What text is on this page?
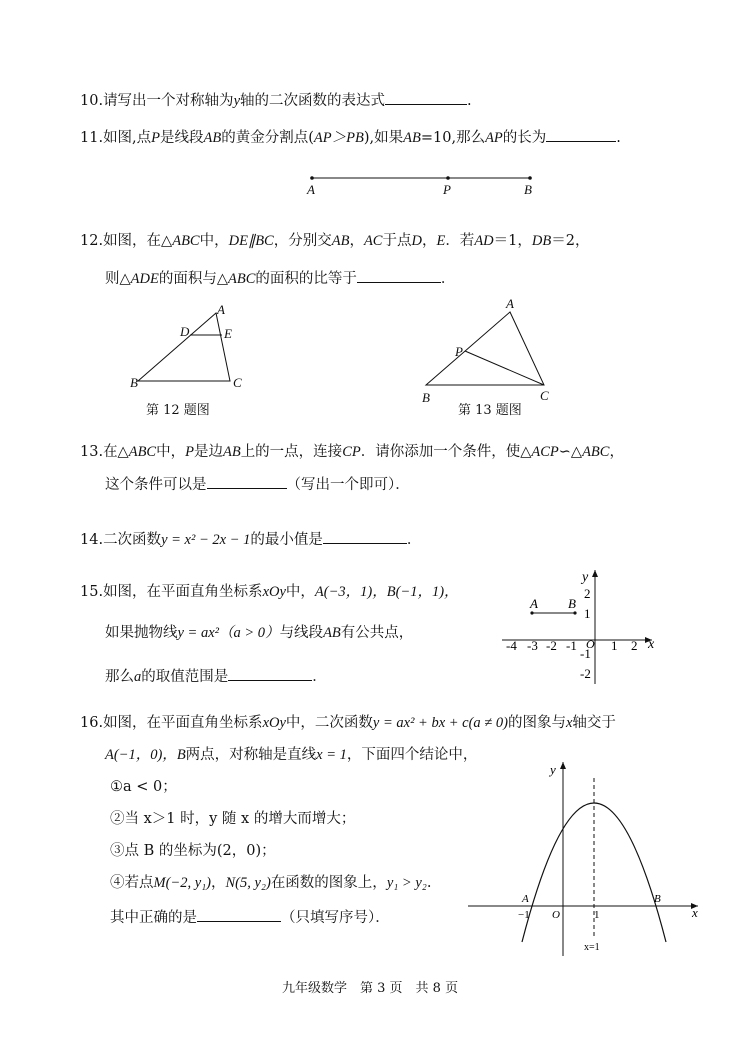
10.请写出一个对称轴为y轴的二次函数的表达式	.
11.如图,点P是线段AB的黄金分割点(AP＞PB),如果AB=10,那么AP的长为	.
A	P	B
12.如图，在△ABC中，DE∥BC，分别交AB，AC于点D，E．若AD＝1，DB＝2，
则△ADE的面积与△ABC的面积的比等于	．
A
D	E
B	C
第 12 题图
A
P
B	C
第 13 题图
13.在△ABC中，P是边AB上的一点，连接CP．请你添加一个条件，使△ACP∽△ABC，
这个条件可以是	（写出一个即可）．
14.二次函数y = x² − 2x − 1的最小值是	．
15.如图，在平面直角坐标系xOy中，A(−3，1)，B(−1，1)，
如果抛物线y = ax²（a > 0）与线段AB有公共点，
那么a的取值范围是	．
A B
x
y
O
-4 -3 -2 -1	1 2
2
1
-1
-2
16.如图，在平面直角坐标系xOy中，二次函数y = ax² + bx + c(a ≠ 0)的图象与x轴交于
A(−1，0)，B两点，对称轴是直线x = 1，下面四个结论中，
①a < 0；
②当 x＞1 时，y 随 x 的增大而增大；
③点 B 的坐标为(2，0)；
④若点M(−2, y₁)，N(5, y₂)在函数的图象上，y₁ > y₂.
其中正确的是	（只填写序号）．
A	B
−1 O	1	x
y
x=1
九年级数学　第 3 页　共 8 页
